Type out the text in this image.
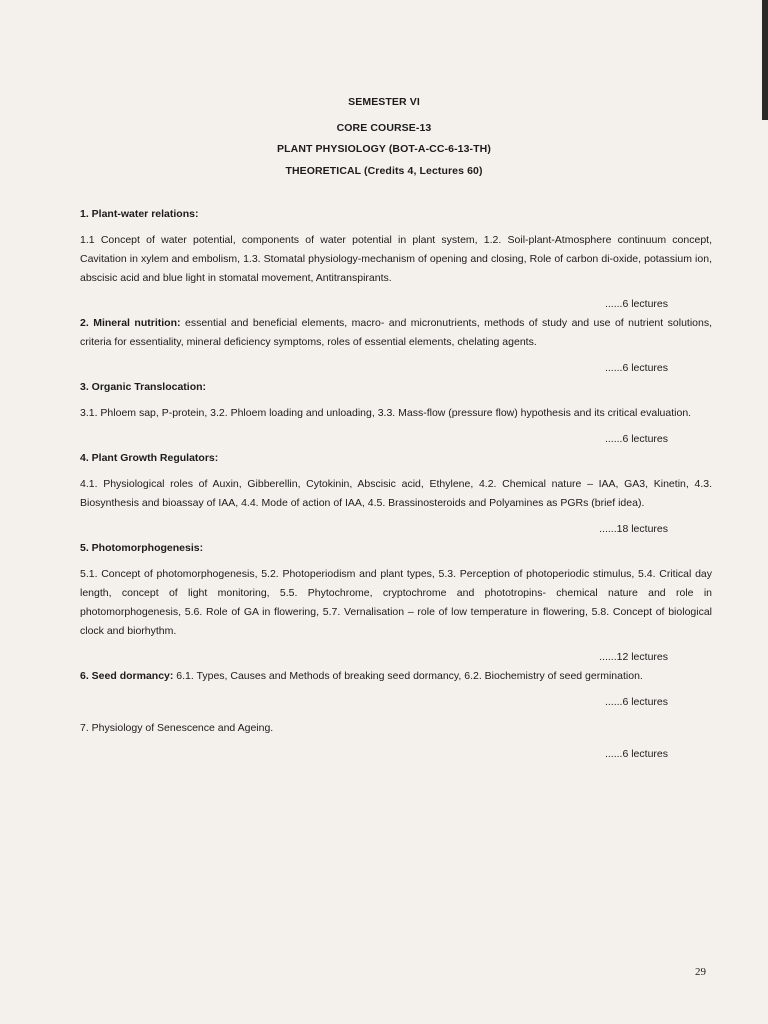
SEMESTER VI
CORE COURSE-13
PLANT PHYSIOLOGY (BOT-A-CC-6-13-TH)
THEORETICAL (Credits 4, Lectures 60)

1. Plant-water relations:

1.1 Concept of water potential, components of water potential in plant system, 1.2. Soil-plant-Atmosphere continuum concept, Cavitation in xylem and embolism, 1.3. Stomatal physiology-mechanism of opening and closing, Role of carbon di-oxide, potassium ion, abscisic acid and blue light in stomatal movement, Antitranspirants.

......6 lectures

2. Mineral nutrition: essential and beneficial elements, macro- and micronutrients, methods of study and use of nutrient solutions, criteria for essentiality, mineral deficiency symptoms, roles of essential elements, chelating agents.

......6 lectures

3. Organic Translocation:

3.1. Phloem sap, P-protein, 3.2. Phloem loading and unloading, 3.3. Mass-flow (pressure flow) hypothesis and its critical evaluation.

......6 lectures

4. Plant Growth Regulators:

4.1. Physiological roles of Auxin, Gibberellin, Cytokinin, Abscisic acid, Ethylene, 4.2. Chemical nature – IAA, GA3, Kinetin, 4.3. Biosynthesis and bioassay of IAA, 4.4. Mode of action of IAA, 4.5. Brassinosteroids and Polyamines as PGRs (brief idea).

......18 lectures

5. Photomorphogenesis:

5.1. Concept of photomorphogenesis, 5.2. Photoperiodism and plant types, 5.3. Perception of photoperiodic stimulus, 5.4. Critical day length, concept of light monitoring, 5.5. Phytochrome, cryptochrome and phototropins- chemical nature and role in photomorphogenesis, 5.6. Role of GA in flowering, 5.7. Vernalisation – role of low temperature in flowering, 5.8. Concept of biological clock and biorhythm.

......12 lectures

6. Seed dormancy: 6.1. Types, Causes and Methods of breaking seed dormancy, 6.2. Biochemistry of seed germination.

......6 lectures

7. Physiology of Senescence and Ageing.

......6 lectures

29
